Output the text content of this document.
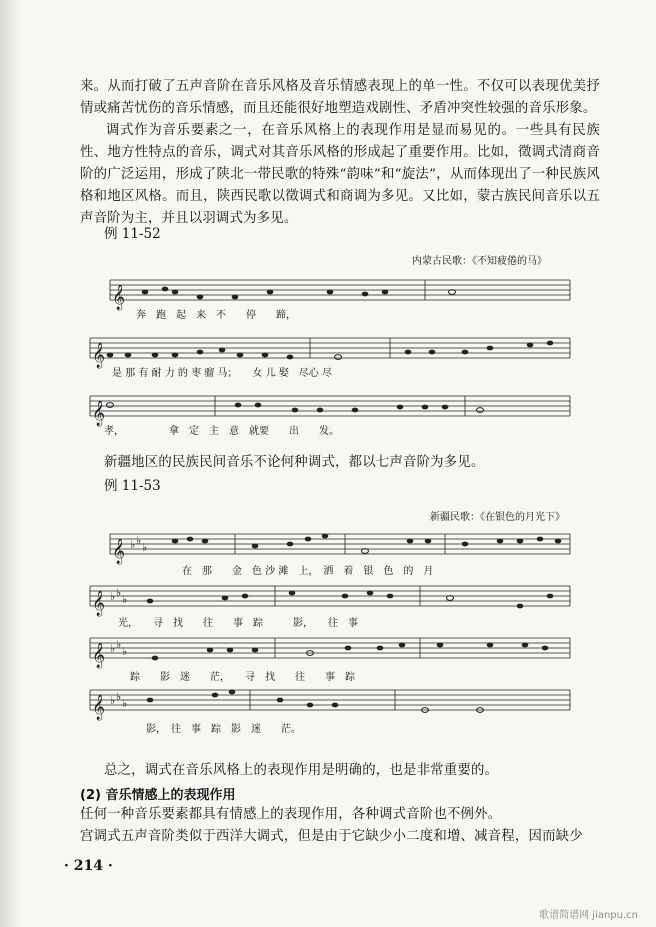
来。从而打破了五声音阶在音乐风格及音乐情感表现上的单一性。不仅可以表现优美抒情或痛苦忧伤的音乐情感，而且还能很好地塑造戏剧性、矛盾冲突性较强的音乐形象。

调式作为音乐要素之一，在音乐风格上的表现作用是显而易见的。一些具有民族性、地方性特点的音乐，调式对其音乐风格的形成起了重要作用。比如，徵调式清商音阶的广泛运用，形成了陕北一带民歌的特殊“韵味”和“旋法”，从而体现出了一种民族风格和地区风格。而且，陕西民歌以徵调式和商调为多见。又比如，蒙古族民间音乐以五声音阶为主，并且以羽调式为多见。

例 11-52
内蒙古民歌：《不知疲倦的马》
𝄞
𝄞
𝄞
奔　跑　起　来　不　　停　　蹄，
是 那 有 耐 力 的 枣 骝 马；　　女 儿 娶　尽心 尽
孝，　　　　　拿　定　主　意　就要　　出　　发。

新疆地区的民族民间音乐不论何种调式，都以七声音阶为多见。

例 11-53
新疆民歌：《在银色的月光下》
𝄞
𝄞
𝄞
𝄞
♭ ♭
♭
♭ ♭
♭
♭ ♭
♭
♭ ♭
♭
在　那　　金　色 沙 滩　上，　洒　着　银　色　的　月
光，　　寻　找　　往　　事　踪　　　影，　　往　事
踪　　影　迷　　茫，　　寻　找　　往　　事　踪
影，　往　事　踪　影　迷　　茫。

总之，调式在音乐风格上的表现作用是明确的，也是非常重要的。

(2) 音乐情感上的表现作用

任何一种音乐要素都具有情感上的表现作用，各种调式音阶也不例外。

宫调式五声音阶类似于西洋大调式，但是由于它缺少小二度和增、减音程，因而缺少

· 214 ·
歌谱简谱网 jianpu.cn
